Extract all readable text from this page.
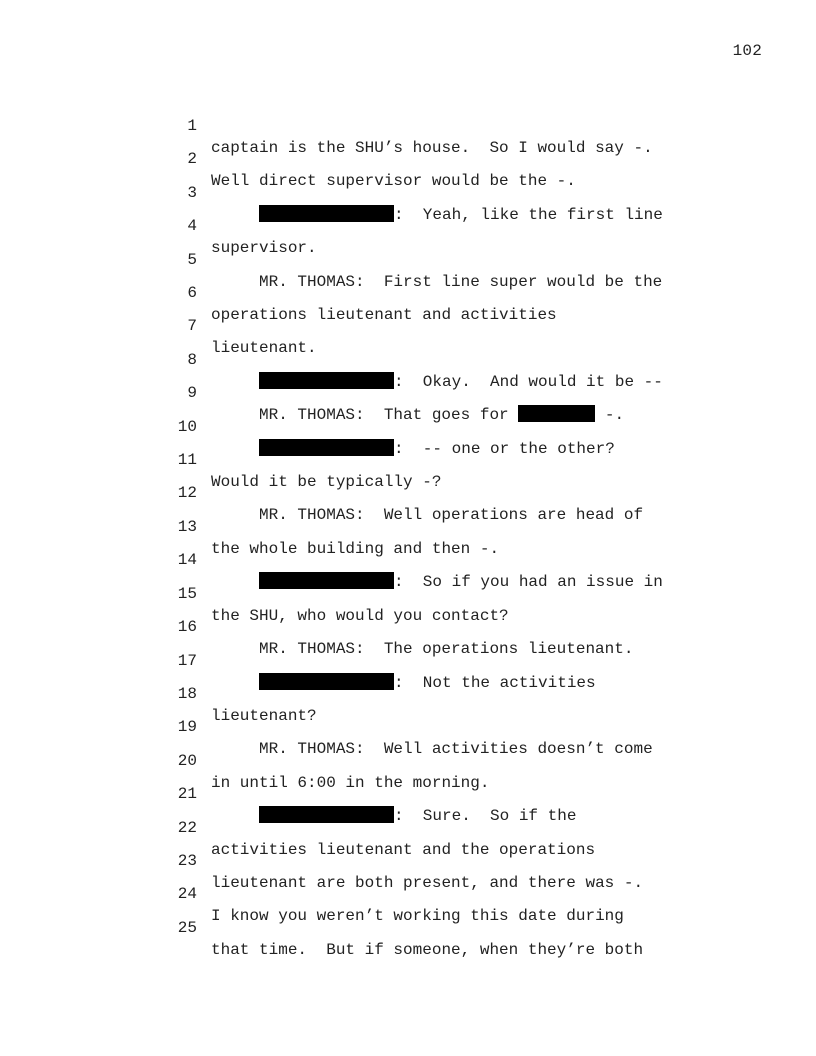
102

1

captain is the SHU’s house.  So I would say -.

2

Well direct supervisor would be the -.

3

:  Yeah, like the first line

4

supervisor.

5

MR. THOMAS:  First line super would be the

6

operations lieutenant and activities

7

lieutenant.

8

:  Okay.  And would it be --

9

MR. THOMAS:  That goes for	-.

10

:  -- one or the other?

11

Would it be typically -?

12

MR. THOMAS:  Well operations are head of

13

the whole building and then -.

14

:  So if you had an issue in

15

the SHU, who would you contact?

16

MR. THOMAS:  The operations lieutenant.

17

:  Not the activities

18

lieutenant?

19

MR. THOMAS:  Well activities doesn’t come

20

in until 6:00 in the morning.

21

:  Sure.  So if the

22

activities lieutenant and the operations

23

lieutenant are both present, and there was -.

24

I know you weren’t working this date during

25

that time.  But if someone, when they’re both
